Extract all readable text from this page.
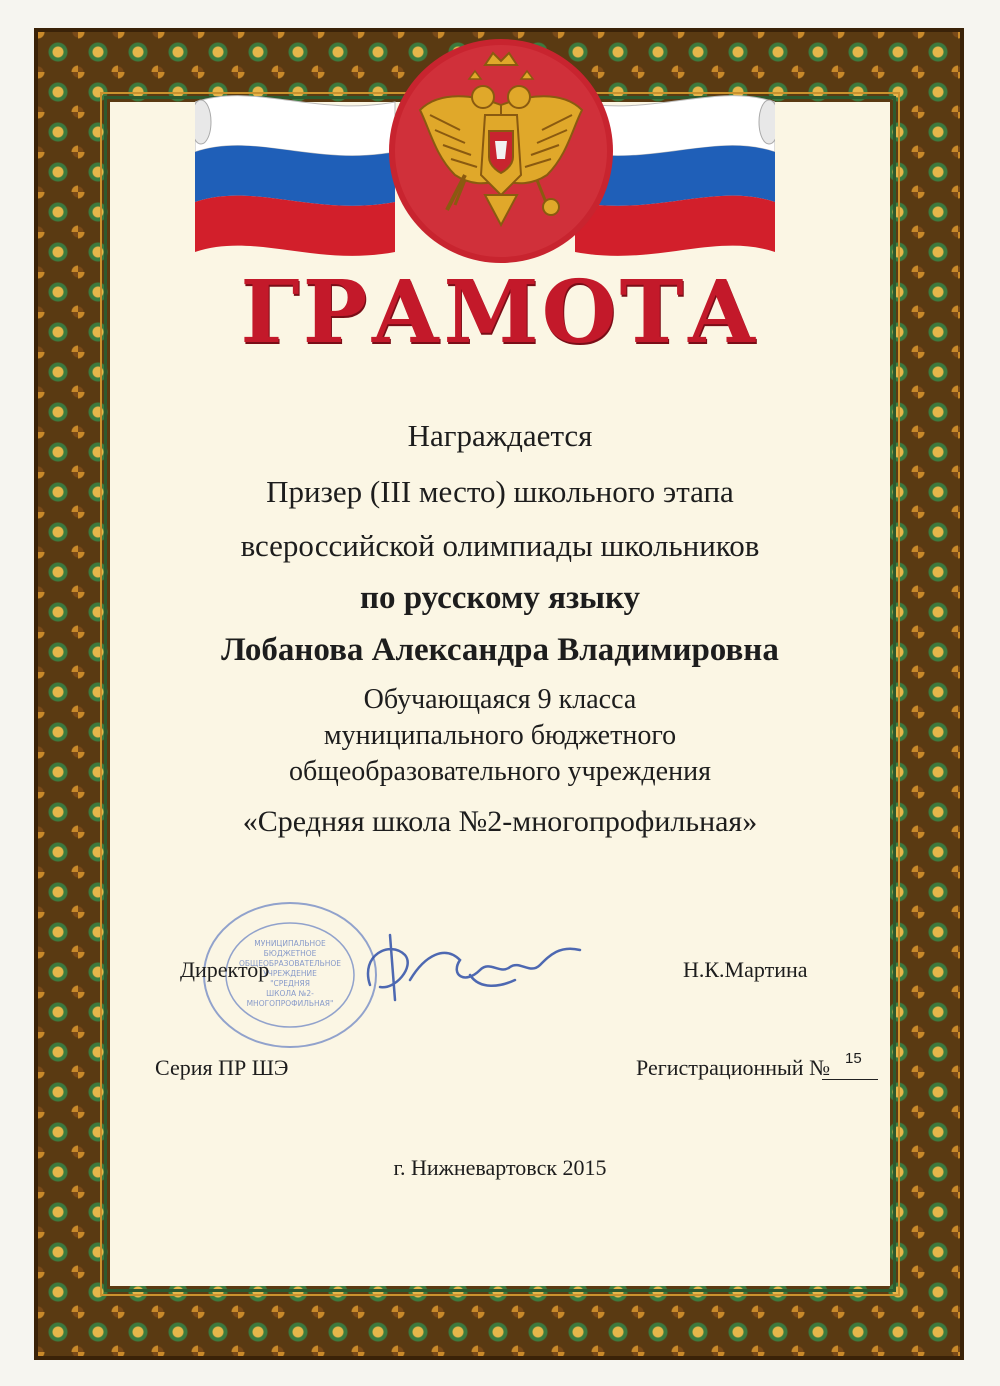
ГРАМОТА
Награждается
Призер (III место) школьного этапа
всероссийской олимпиады школьников
по русскому языку
Лобанова Александра Владимировна
Обучающаяся 9 класса
муниципального бюджетного
общеобразовательного учреждения
«Средняя школа №2-многопрофильная»
МУНИЦИПАЛЬНОЕ
БЮДЖЕТНОЕ
ОБЩЕОБРАЗОВАТЕЛЬНОЕ
УЧРЕЖДЕНИЕ
"СРЕДНЯЯ
ШКОЛА №2-
МНОГОПРОФИЛЬНАЯ"
Директор	Н.К.Мартина
Серия ПР ШЭ	Регистрационный № 15
г. Нижневартовск 2015
